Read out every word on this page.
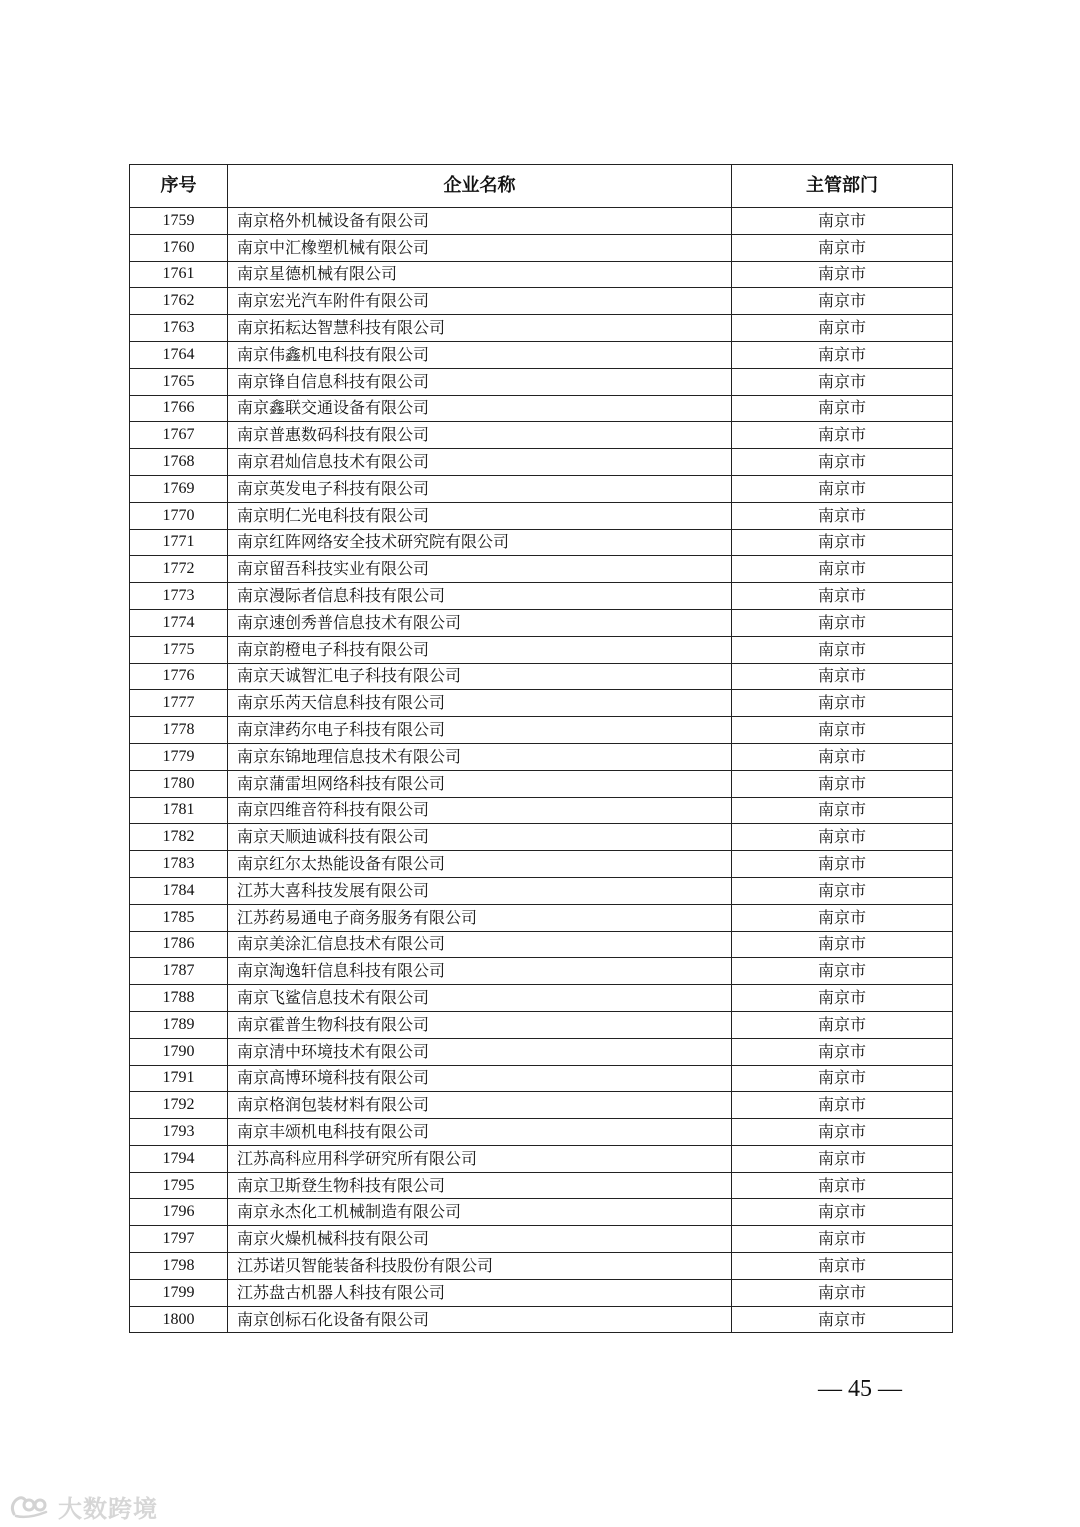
序号	企业名称	主管部门
1759	南京格外机械设备有限公司	南京市
1760	南京中汇橡塑机械有限公司	南京市
1761	南京星德机械有限公司	南京市
1762	南京宏光汽车附件有限公司	南京市
1763	南京拓耘达智慧科技有限公司	南京市
1764	南京伟鑫机电科技有限公司	南京市
1765	南京锋自信息科技有限公司	南京市
1766	南京鑫联交通设备有限公司	南京市
1767	南京普惠数码科技有限公司	南京市
1768	南京君灿信息技术有限公司	南京市
1769	南京英发电子科技有限公司	南京市
1770	南京明仁光电科技有限公司	南京市
1771	南京红阵网络安全技术研究院有限公司	南京市
1772	南京留吾科技实业有限公司	南京市
1773	南京漫际者信息科技有限公司	南京市
1774	南京速创秀普信息技术有限公司	南京市
1775	南京韵橙电子科技有限公司	南京市
1776	南京天诚智汇电子科技有限公司	南京市
1777	南京乐芮天信息科技有限公司	南京市
1778	南京津药尔电子科技有限公司	南京市
1779	南京东锦地理信息技术有限公司	南京市
1780	南京蒲雷坦网络科技有限公司	南京市
1781	南京四维音符科技有限公司	南京市
1782	南京天顺迪诚科技有限公司	南京市
1783	南京红尔太热能设备有限公司	南京市
1784	江苏大喜科技发展有限公司	南京市
1785	江苏药易通电子商务服务有限公司	南京市
1786	南京美涂汇信息技术有限公司	南京市
1787	南京淘逸轩信息科技有限公司	南京市
1788	南京飞鲨信息技术有限公司	南京市
1789	南京霍普生物科技有限公司	南京市
1790	南京清中环境技术有限公司	南京市
1791	南京高博环境科技有限公司	南京市
1792	南京格润包装材料有限公司	南京市
1793	南京丰颂机电科技有限公司	南京市
1794	江苏高科应用科学研究所有限公司	南京市
1795	南京卫斯登生物科技有限公司	南京市
1796	南京永杰化工机械制造有限公司	南京市
1797	南京火燥机械科技有限公司	南京市
1798	江苏诺贝智能装备科技股份有限公司	南京市
1799	江苏盘古机器人科技有限公司	南京市
1800	南京创标石化设备有限公司	南京市
— 45 —
大数跨境
